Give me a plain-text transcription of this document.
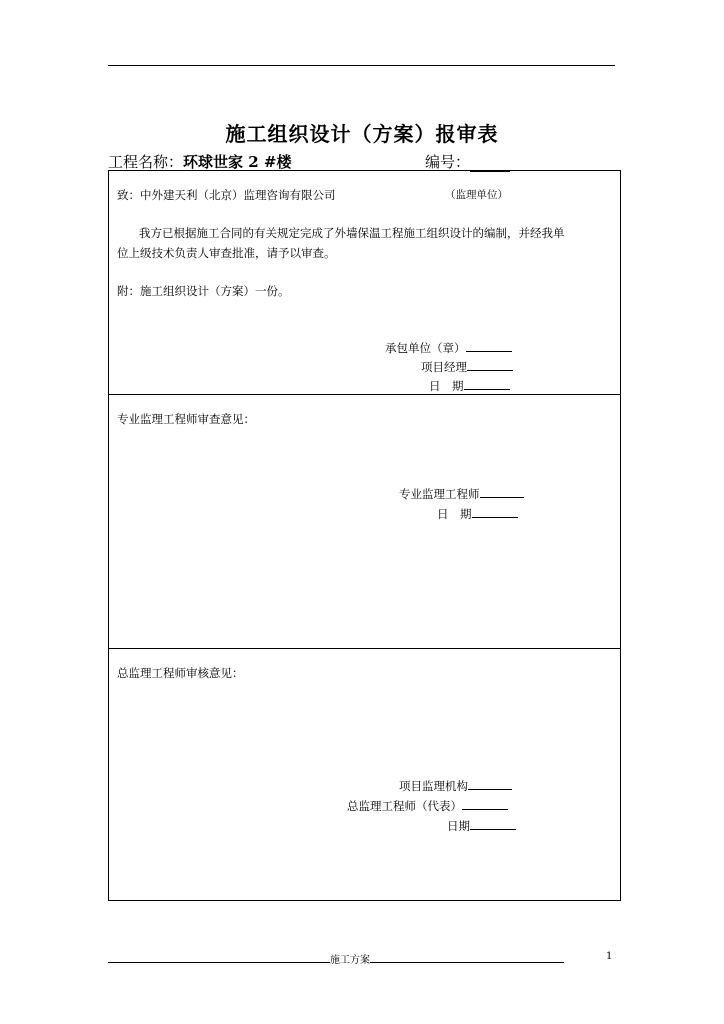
施工组织设计（方案）报审表
工程名称：环球世家 2 #楼	编号：
致：中外建天利（北京）监理咨询有限公司	（监理单位）
我方已根据施工合同的有关规定完成了外墙保温工程施工组织设计的编制，并经我单
位上级技术负责人审查批准，请予以审查。
附：施工组织设计（方案）一份。
承包单位（章）
项目经理
日　期
专业监理工程师审查意见：
专业监理工程师
日　期
总监理工程师审核意见：
项目监理机构
总监理工程师（代表）
日期
施工方案	1
